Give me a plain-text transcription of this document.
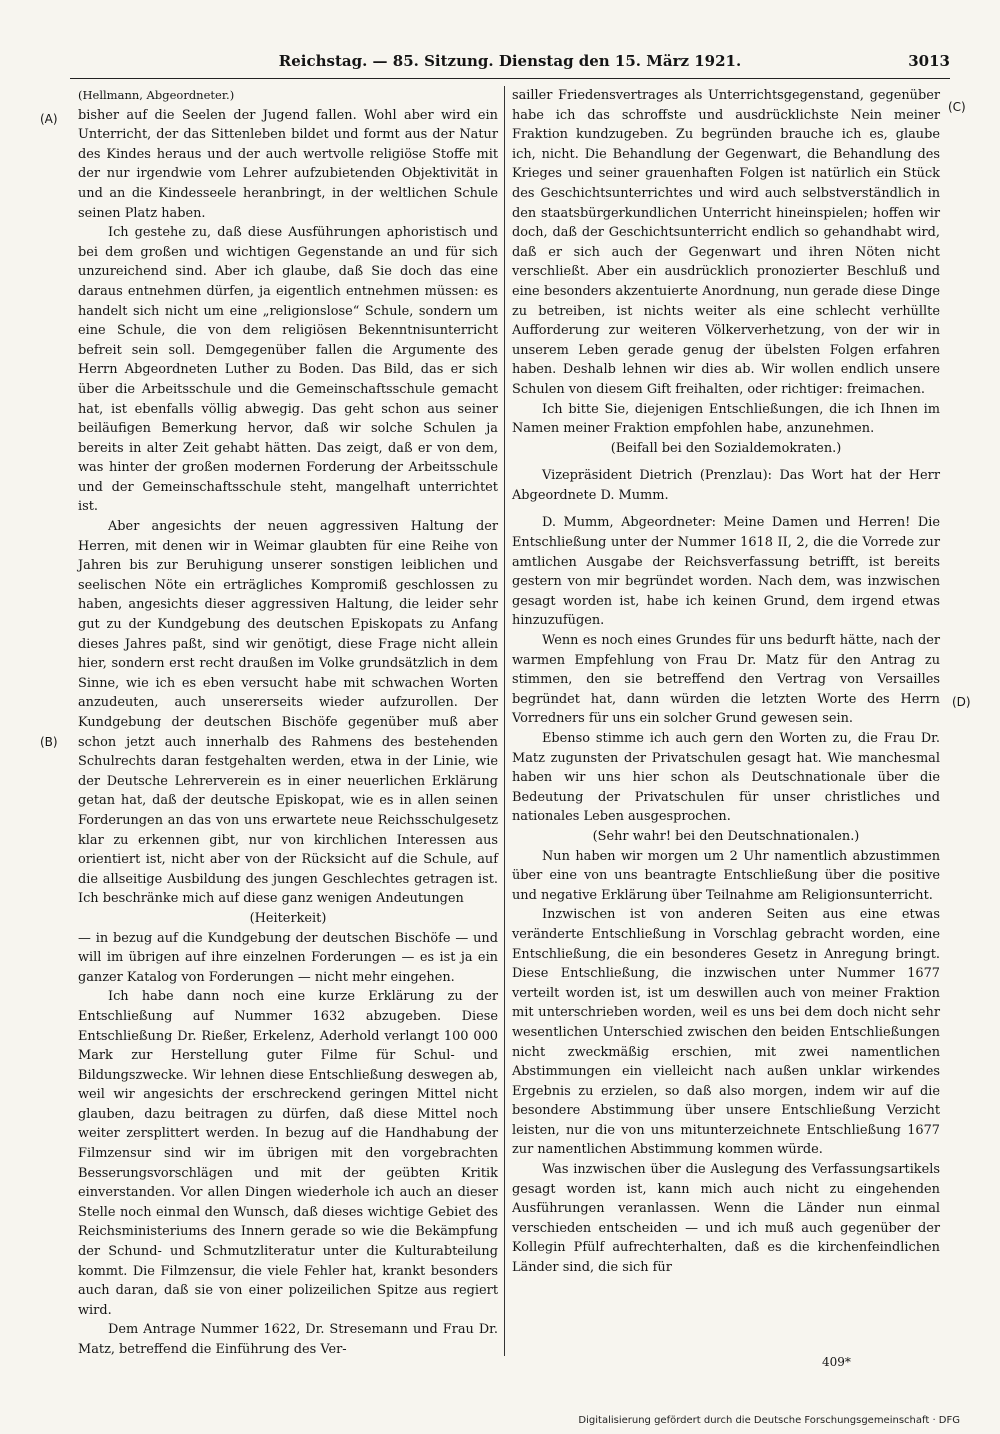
Reichstag. — 85. Sitzung. Dienstag den 15. März 1921.	3013
(A)
(B)
(C)
(D)

(Hellmann, Abgeordneter.)

bisher auf die Seelen der Jugend fallen. Wohl aber wird ein Unterricht, der das Sittenleben bildet und formt aus der Natur des Kindes heraus und der auch wertvolle religiöse Stoffe mit der nur irgendwie vom Lehrer aufzubietenden Objektivität in und an die Kindesseele heranbringt, in der weltlichen Schule seinen Platz haben.

Ich gestehe zu, daß diese Ausführungen aphoristisch und bei dem großen und wichtigen Gegenstande an und für sich unzureichend sind. Aber ich glaube, daß Sie doch das eine daraus entnehmen dürfen, ja eigentlich entnehmen müssen: es handelt sich nicht um eine „religionslose“ Schule, sondern um eine Schule, die von dem religiösen Bekenntnisunterricht befreit sein soll. Demgegenüber fallen die Argumente des Herrn Abgeordneten Luther zu Boden. Das Bild, das er sich über die Arbeitsschule und die Gemeinschaftsschule gemacht hat, ist ebenfalls völlig abwegig. Das geht schon aus seiner beiläufigen Bemerkung hervor, daß wir solche Schulen ja bereits in alter Zeit gehabt hätten. Das zeigt, daß er von dem, was hinter der großen modernen Forderung der Arbeitsschule und der Gemeinschaftsschule steht, mangelhaft unterrichtet ist.

Aber angesichts der neuen aggressiven Haltung der Herren, mit denen wir in Weimar glaubten für eine Reihe von Jahren bis zur Beruhigung unserer sonstigen leiblichen und seelischen Nöte ein erträgliches Kompromiß geschlossen zu haben, angesichts dieser aggressiven Haltung, die leider sehr gut zu der Kundgebung des deutschen Episkopats zu Anfang dieses Jahres paßt, sind wir genötigt, diese Frage nicht allein hier, sondern erst recht draußen im Volke grundsätzlich in dem Sinne, wie ich es eben versucht habe mit schwachen Worten anzudeuten, auch unsererseits wieder aufzurollen. Der Kundgebung der deutschen Bischöfe gegenüber muß aber schon jetzt auch innerhalb des Rahmens des bestehenden Schulrechts daran festgehalten werden, etwa in der Linie, wie der Deutsche Lehrerverein es in einer neuerlichen Erklärung getan hat, daß der deutsche Episkopat, wie es in allen seinen Forderungen an das von uns erwartete neue Reichsschulgesetz klar zu erkennen gibt, nur von kirchlichen Interessen aus orientiert ist, nicht aber von der Rücksicht auf die Schule, auf die allseitige Ausbildung des jungen Geschlechtes getragen ist. Ich beschränke mich auf diese ganz wenigen Andeutungen

(Heiterkeit)

— in bezug auf die Kundgebung der deutschen Bischöfe — und will im übrigen auf ihre einzelnen Forderungen — es ist ja ein ganzer Katalog von Forderungen — nicht mehr eingehen.

Ich habe dann noch eine kurze Erklärung zu der Entschließung auf Nummer 1632 abzugeben. Diese Entschließung Dr. Rießer, Erkelenz, Aderhold verlangt 100 000 Mark zur Herstellung guter Filme für Schul- und Bildungszwecke. Wir lehnen diese Entschließung deswegen ab, weil wir angesichts der erschreckend geringen Mittel nicht glauben, dazu beitragen zu dürfen, daß diese Mittel noch weiter zersplittert werden. In bezug auf die Handhabung der Filmzensur sind wir im übrigen mit den vorgebrachten Besserungsvorschlägen und mit der geübten Kritik einverstanden. Vor allen Dingen wiederhole ich auch an dieser Stelle noch einmal den Wunsch, daß dieses wichtige Gebiet des Reichsministeriums des Innern gerade so wie die Bekämpfung der Schund- und Schmutzliteratur unter die Kulturabteilung kommt. Die Filmzensur, die viele Fehler hat, krankt besonders auch daran, daß sie von einer polizeilichen Spitze aus regiert wird.

Dem Antrage Nummer 1622, Dr. Stresemann und Frau Dr. Matz, betreffend die Einführung des Ver-

sailler Friedensvertrages als Unterrichtsgegenstand, gegenüber habe ich das schroffste und ausdrücklichste Nein meiner Fraktion kundzugeben. Zu begründen brauche ich es, glaube ich, nicht. Die Behandlung der Gegenwart, die Behandlung des Krieges und seiner grauenhaften Folgen ist natürlich ein Stück des Geschichtsunterrichtes und wird auch selbstverständlich in den staatsbürgerkundlichen Unterricht hineinspielen; hoffen wir doch, daß der Geschichtsunterricht endlich so gehandhabt wird, daß er sich auch der Gegenwart und ihren Nöten nicht verschließt. Aber ein ausdrücklich pronozierter Beschluß und eine besonders akzentuierte Anordnung, nun gerade diese Dinge zu betreiben, ist nichts weiter als eine schlecht verhüllte Aufforderung zur weiteren Völkerverhetzung, von der wir in unserem Leben gerade genug der übelsten Folgen erfahren haben. Deshalb lehnen wir dies ab. Wir wollen endlich unsere Schulen von diesem Gift freihalten, oder richtiger: freimachen.

Ich bitte Sie, diejenigen Entschließungen, die ich Ihnen im Namen meiner Fraktion empfohlen habe, anzunehmen.

(Beifall bei den Sozialdemokraten.)

Vizepräsident Dietrich (Prenzlau): Das Wort hat der Herr Abgeordnete D. Mumm.

D. Mumm, Abgeordneter: Meine Damen und Herren! Die Entschließung unter der Nummer 1618 II, 2, die die Vorrede zur amtlichen Ausgabe der Reichsverfassung betrifft, ist bereits gestern von mir begründet worden. Nach dem, was inzwischen gesagt worden ist, habe ich keinen Grund, dem irgend etwas hinzuzufügen.

Wenn es noch eines Grundes für uns bedurft hätte, nach der warmen Empfehlung von Frau Dr. Matz für den Antrag zu stimmen, den sie betreffend den Vertrag von Versailles begründet hat, dann würden die letzten Worte des Herrn Vorredners für uns ein solcher Grund gewesen sein.

Ebenso stimme ich auch gern den Worten zu, die Frau Dr. Matz zugunsten der Privatschulen gesagt hat. Wie manchesmal haben wir uns hier schon als Deutschnationale über die Bedeutung der Privatschulen für unser christliches und nationales Leben ausgesprochen.

(Sehr wahr! bei den Deutschnationalen.)

Nun haben wir morgen um 2 Uhr namentlich abzustimmen über eine von uns beantragte Entschließung über die positive und negative Erklärung über Teilnahme am Religionsunterricht.

Inzwischen ist von anderen Seiten aus eine etwas veränderte Entschließung in Vorschlag gebracht worden, eine Entschließung, die ein besonderes Gesetz in Anregung bringt. Diese Entschließung, die inzwischen unter Nummer 1677 verteilt worden ist, ist um deswillen auch von meiner Fraktion mit unterschrieben worden, weil es uns bei dem doch nicht sehr wesentlichen Unterschied zwischen den beiden Entschließungen nicht zweckmäßig erschien, mit zwei namentlichen Abstimmungen ein vielleicht nach außen unklar wirkendes Ergebnis zu erzielen, so daß also morgen, indem wir auf die besondere Abstimmung über unsere Entschließung Verzicht leisten, nur die von uns mitunterzeichnete Entschließung 1677 zur namentlichen Abstimmung kommen würde.

Was inzwischen über die Auslegung des Verfassungsartikels gesagt worden ist, kann mich auch nicht zu eingehenden Ausführungen veranlassen. Wenn die Länder nun einmal verschieden entscheiden — und ich muß auch gegenüber der Kollegin Pfülf aufrechterhalten, daß es die kirchenfeindlichen Länder sind, die sich für

409*
Digitalisierung gefördert durch die Deutsche Forschungsgemeinschaft · DFG
